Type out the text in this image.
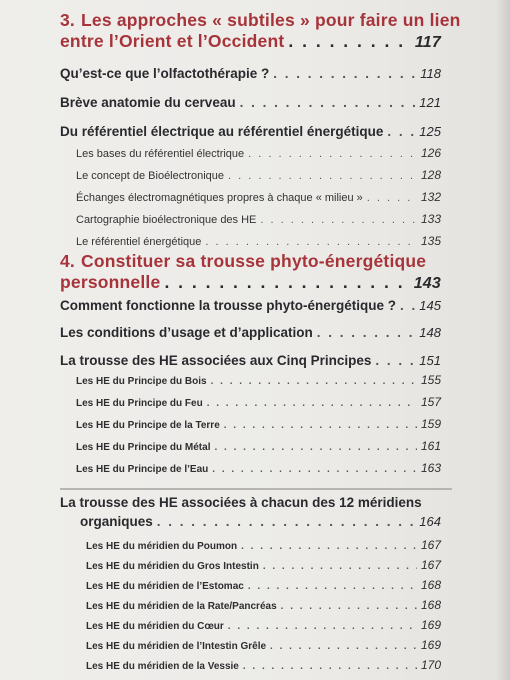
3. Les approches « subtiles » pour faire un lien
entre l’Orient et l’Occident . . .	117
Qu’est-ce que l’olfactothérapie ? . . .	118
Brève anatomie du cerveau . . .	121
Du référentiel électrique au référentiel énergétique . . .	125
Les bases du référentiel électrique . . .	126
Le concept de Bioélectronique . . .	128
Échanges électromagnétiques propres à chaque « milieu » . . .	132
Cartographie bioélectronique des HE . . .	133
Le référentiel énergétique . . .	135
4. Constituer sa trousse phyto-énergétique
personnelle . . .	143
Comment fonctionne la trousse phyto-énergétique ? . . . 145
Les conditions d’usage et d’application . . .	148
La trousse des HE associées aux Cinq Principes . . .	151
Les HE du Principe du Bois . . .	155
Les HE du Principe du Feu . . .	157
Les HE du Principe de la Terre . . .	159
Les HE du Principe du Métal . . .	161
Les HE du Principe de l’Eau . . .	163
La trousse des HE associées à chacun des 12 méridiens
organiques . . .	164
Les HE du méridien du Poumon . . .	167
Les HE du méridien du Gros Intestin . . .	167
Les HE du méridien de l’Estomac . . .	168
Les HE du méridien de la Rate/Pancréas . . .	168
Les HE du méridien du Cœur . . .	169
Les HE du méridien de l’Intestin Grêle . . .	169
Les HE du méridien de la Vessie . . .	170
